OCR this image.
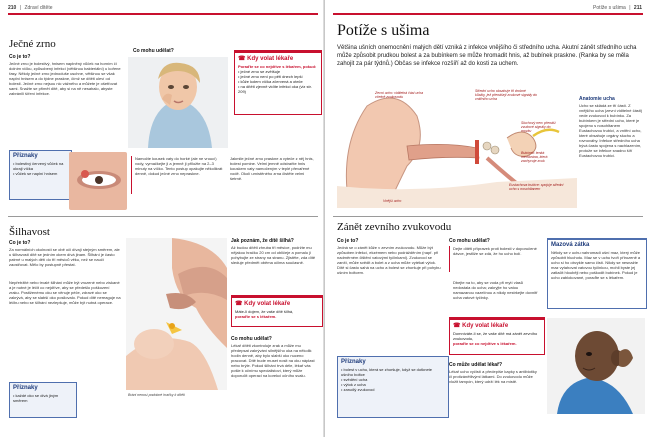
210 | Zdraví dítěte
Ječné zrno
Co je to?
Ječné zrno je bolestivý, hnisem naplněný vůček na horním či dolním víčku, způsobený infekcí (většinou bakteriální) u kořene řasy. Někdy ječné zrno jednoduše uschne, většinou se však naplní hnisem a do týdne praskne, čímž se dítěti uleví od bolesti. Ječné zrno nejsou nic vážného a můžete je ošetřovat sami. Snažte se přimět dítě, aby si na ně nesahalo, abyste zabránili šíření infekce.
Co mohu udělat?
☎ Kdy volat lékaře
Poraďte se co nejdříve s lékařem, pokud:
• ječné zrno se zvětšuje
• ječné zrno není po pěti dnech lepší
• kůže kolem víčka zčervená a oteče
• na dítěti zjevně vidíte infekci oka (viz str. 209)
Příznaky
• bolestivý červený vůček na okraji víčka
• vůček se naplní hnisem
Namočte kousek vaty do horké (ale ne vroucí) vody, vymačkejte ji a jemně ji přiložte na 2–3 minuty na víčko. Tento postup opakujte několikrát denně, dokud ječné zrno nepraskne.
Jakmile ječné zrno praskne a vyteče z něj hnis, bolest pomine. Velmi jemně odstraňte hnis kouskem vaty namočeným v teplé převařené vodě. Okolí umístěného zrna čistěte velmi šetrně.
Šilhavost
Co je to?
Za normálních okolností se obě oči dívají stejným směrem, ale u šilhavosti dítě se jedním okem dívá jinam. Šilhání je často patrné u malých dětí do tří měsíců věku, než se naučí zaostřovat. Mělo by postupně přestat.
Nepřetržité nebo trvalé šilhání může být vrozené nebo získané a je nutné je léčit co nejdříve, aby se předešlo poškození zraku. Postiženému oku se věnuje péče, zdravé oko se zakrývá, aby se slabší oko posilovalo. Pokud dítě nereaguje na léčbu nebo se šilhání nezlepšuje, může být nutná operace.
Bráni nenosí podobné hračky k dítěti
Jak poznám, že dítě šilhá?
Až budou dítěti zhruba tři měsíce, podržte mu nějakou hračku 20 cm od obličeje a pomalu ji pohybujte ze strany na stranu. Zjistěte, zda dítě sleduje předmět oběma očima současně.
☎ Kdy volat lékaře
Máte-li dojem, že vaše dítě šilhá,
poraďte se s lékařem.
Co mohu udělat?
Lékař dítěti zkontroluje zrak a může mu předepsat zakrývání silnějšího oka na několik hodin denně, aby bylo slabší oko nuceno pracovat. Dítě bude muset nosit na oku náplast nebo brýle. Pokud šilhání trvá déle, lékař vás pošle k očnímu specialistovi, který může doporučit operaci na korekci očního svalu.
Příznaky
• každé oko se dívá jiným směrem
Potíže s ušima | 211
Potíže s ušima
Většina ušních onemocnění malých dětí vzniká z infekce vnějšího či středního ucha. Akutní zánět středního ucha může způsobit prudkou bolest a za bubínkem se může hromadit hnis, až bubínek praskne. (Ranka by se měla zahojit za pár týdnů.) Občas se infekce rozšíří až do kosti za uchem.
Zevní ucho: viditelná část ucha včetně zvukovodu
Střední ucho obsahuje tři drobné kůstky, jež přenášejí zvukové signály do vnitřního ucha
Sluchový nerv přenáší zvukové signály do mozku
Bubínek: tenká membrána, která zachycuje zvuk
Eustachova trubice: spojuje střední ucho s nosohltanem
Vnější ucho
Anatomie ucha
Ucho se skládá ze tří částí. Z vnějšího ucha (zevní viditelné části) vede zvukovod k bubínku. Za bubínkem je střední ucho, které je spojeno s nosohltanem Eustachovou trubicí, a vnitřní ucho, které obsahuje orgány sluchu a rovnováhy. Infekce středního ucha bývá často spojena s nachlazením, protože se infekce snadno šíří Eustachovou trubicí.
Zánět zevního zvukovodu
Co je to?
Jedná se o zánět kůže v zevním zvukovodu. Může být způsoben infekcí, ekzémem nebo podrážděním (např. při nadměrném čištění vatovými tyčinkami). Zvukovod se zanítí, může svědit a bolet a z ucha může vytékat výtok. Dítě si často sahá na ucho a bolest se zhoršuje při pohybu ušním boltcem.
Co mohu udělat?
Dejte dítěti přípravek proti bolesti v doporučené dávce, jestliže se zdá, že ho ucho bolí.
Dbejte na to, aby se voda při mytí vlasů nedostala do ucha; zakryjte ho vatou namazanou vazelínou a nikdy nestrkejte dovnitř ucha vatové tyčinky.
☎ Kdy volat lékaře
Domníváte-li se, že vaše dítě má zánět zevního zvukovodu,
poraďte se co nejdříve s lékařem.
Co může udělat lékař?
Lékař ucho vyčistí a předepíše kapky s antibiotiky či protizánětlivými látkami. Do zvukovodu může vložit tampón, který udrží lék na místě.
Příznaky
• bolest v uchu, která se zhoršuje, když se dotknete ušního boltce
• svědění ucha
• výtok z ucha
• zarudlý zvukovod
Mazová zátka
Někdy se v uchu nahromadí ušní maz, který může způsobit hluchotu. Maz se v uchu tvoří přirozeně a ucho si ho obvykle samo čistí. Nikdy se nesnažte maz vytahovat vatovou tyčinkou, mohli byste jej zatlačit hlouběji nebo poškodit bubínek. Pokud je ucho zablokované, poraďte se s lékařem.
